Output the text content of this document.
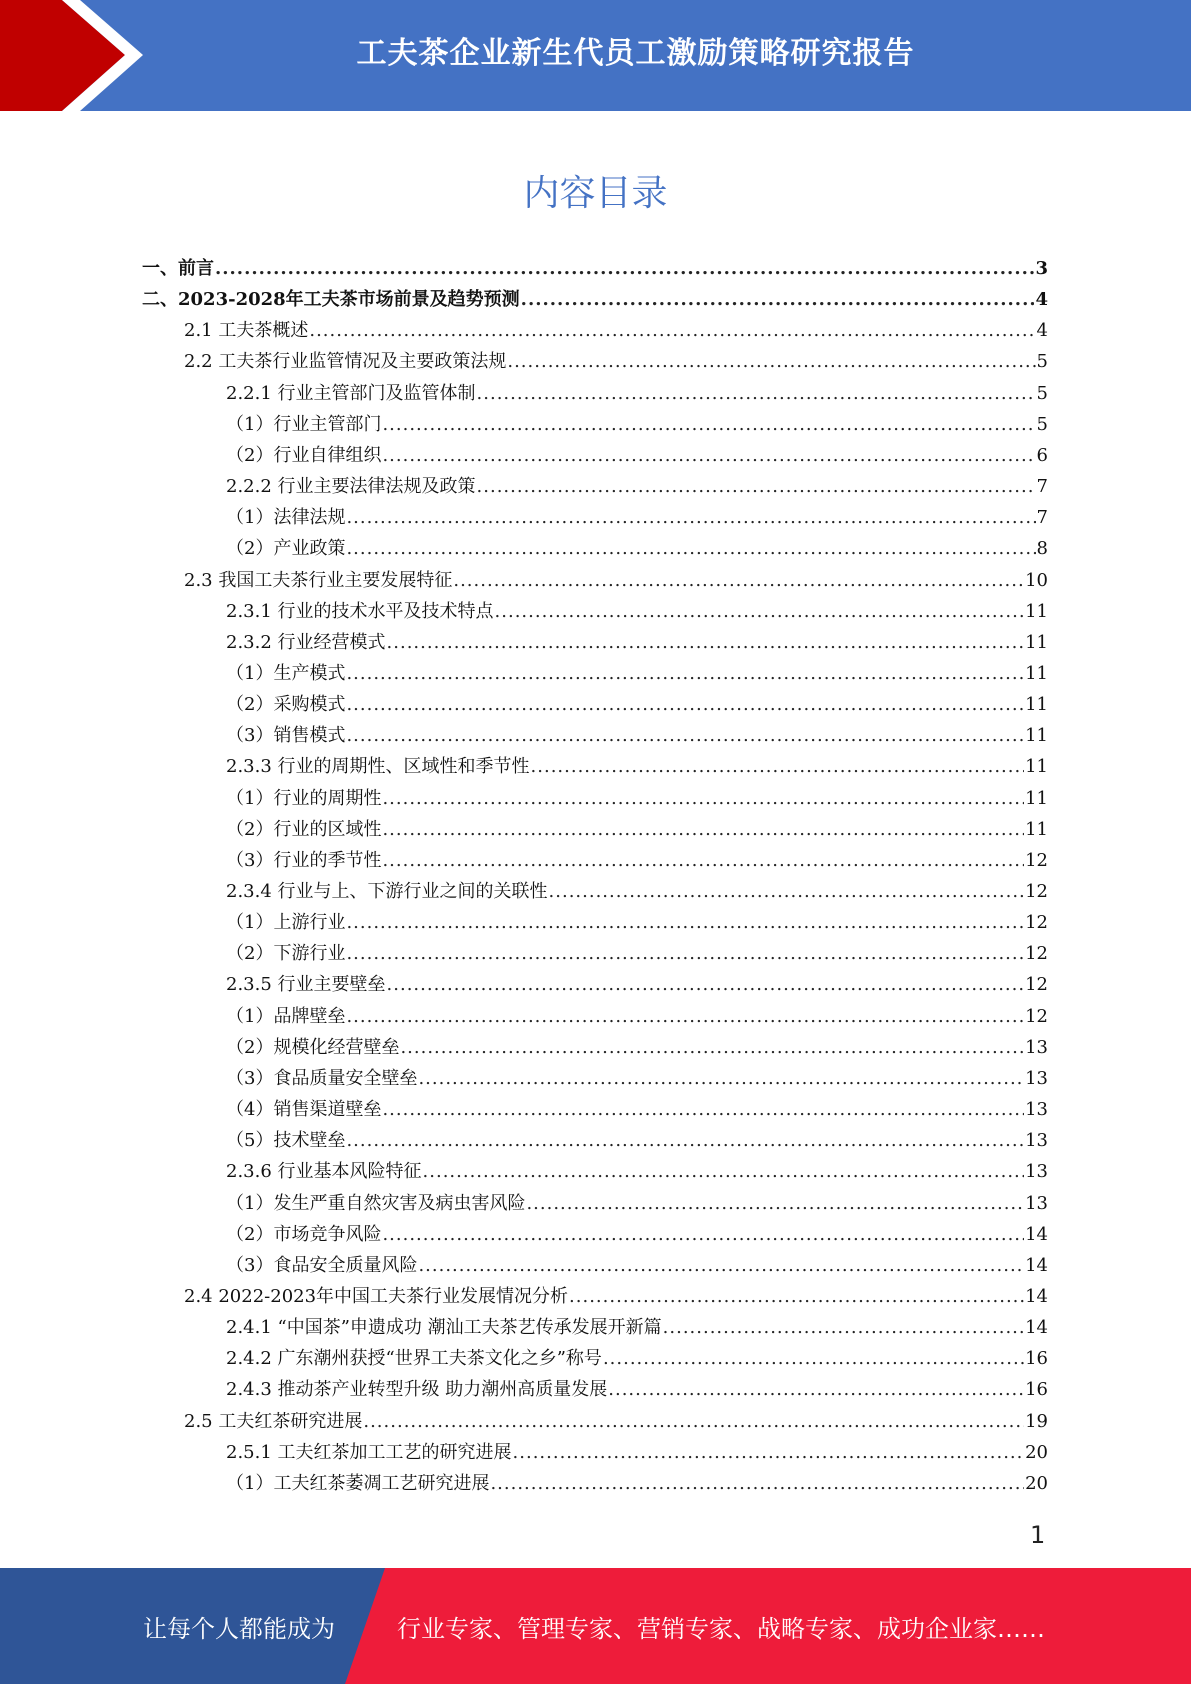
工夫茶企业新生代员工激励策略研究报告
内容目录
一、前言 .....	3
二、2023-2028年工夫茶市场前景及趋势预测 .....	4
2.1 工夫茶概述 .....	4
2.2 工夫茶行业监管情况及主要政策法规 .....	5
2.2.1 行业主管部门及监管体制 .....	5
（1）行业主管部门 .....	5
（2）行业自律组织 .....	6
2.2.2 行业主要法律法规及政策 .....	7
（1）法律法规 .....	7
（2）产业政策 .....	8
2.3 我国工夫茶行业主要发展特征 .....	10
2.3.1 行业的技术水平及技术特点 .....	11
2.3.2 行业经营模式 .....	11
（1）生产模式 .....	11
（2）采购模式 .....	11
（3）销售模式 .....	11
2.3.3 行业的周期性、区域性和季节性 .....	11
（1）行业的周期性 .....	11
（2）行业的区域性 .....	11
（3）行业的季节性 .....	12
2.3.4 行业与上、下游行业之间的关联性 .....	12
（1）上游行业 .....	12
（2）下游行业 .....	12
2.3.5 行业主要壁垒 .....	12
（1）品牌壁垒 .....	12
（2）规模化经营壁垒 .....	13
（3）食品质量安全壁垒 .....	13
（4）销售渠道壁垒 .....	13
（5）技术壁垒 .....	13
2.3.6 行业基本风险特征 .....	13
（1）发生严重自然灾害及病虫害风险 .....	13
（2）市场竞争风险 .....	14
（3）食品安全质量风险 .....	14
2.4 2022-2023年中国工夫茶行业发展情况分析 .....	14
2.4.1 “中国茶”申遗成功 潮汕工夫茶艺传承发展开新篇 .....	14
2.4.2 广东潮州获授“世界工夫茶文化之乡”称号 .....	16
2.4.3 推动茶产业转型升级 助力潮州高质量发展 .....	16
2.5 工夫红茶研究进展 .....	19
2.5.1 工夫红茶加工工艺的研究进展 .....	20
（1）工夫红茶萎凋工艺研究进展 .....	20
1
让每个人都能成为	行业专家、管理专家、营销专家、战略专家、成功企业家……
